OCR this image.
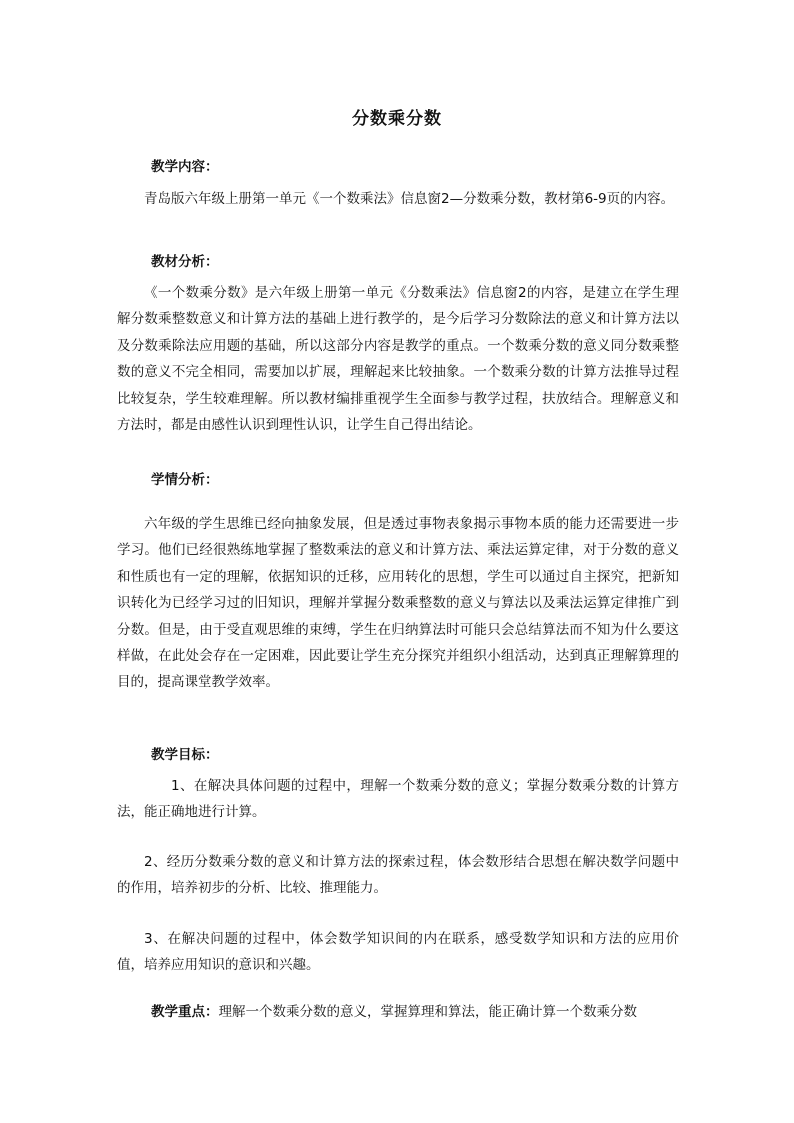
分数乘分数
教学内容：

青岛版六年级上册第一单元《一个数乘法》信息窗2—分数乘分数，教材第6-9页的内容。

教材分析：

《一个数乘分数》是六年级上册第一单元《分数乘法》信息窗2的内容，是建立在学生理解分数乘整数意义和计算方法的基础上进行教学的，是今后学习分数除法的意义和计算方法以及分数乘除法应用题的基础，所以这部分内容是教学的重点。一个数乘分数的意义同分数乘整数的意义不完全相同，需要加以扩展，理解起来比较抽象。一个数乘分数的计算方法推导过程比较复杂，学生较难理解。所以教材编排重视学生全面参与教学过程，扶放结合。理解意义和方法时，都是由感性认识到理性认识，让学生自己得出结论。

学情分析：

六年级的学生思维已经向抽象发展，但是透过事物表象揭示事物本质的能力还需要进一步学习。他们已经很熟练地掌握了整数乘法的意义和计算方法、乘法运算定律，对于分数的意义和性质也有一定的理解，依据知识的迁移，应用转化的思想，学生可以通过自主探究，把新知识转化为已经学习过的旧知识，理解并掌握分数乘整数的意义与算法以及乘法运算定律推广到分数。但是，由于受直观思维的束缚，学生在归纳算法时可能只会总结算法而不知为什么要这样做，在此处会存在一定困难，因此要让学生充分探究并组织小组活动，达到真正理解算理的目的，提高课堂教学效率。

教学目标：

1、在解决具体问题的过程中，理解一个数乘分数的意义；掌握分数乘分数的计算方法，能正确地进行计算。

2、经历分数乘分数的意义和计算方法的探索过程，体会数形结合思想在解决数学问题中的作用，培养初步的分析、比较、推理能力。

3、在解决问题的过程中，体会数学知识间的内在联系，感受数学知识和方法的应用价值，培养应用知识的意识和兴趣。

教学重点：理解一个数乘分数的意义，掌握算理和算法，能正确计算一个数乘分数
